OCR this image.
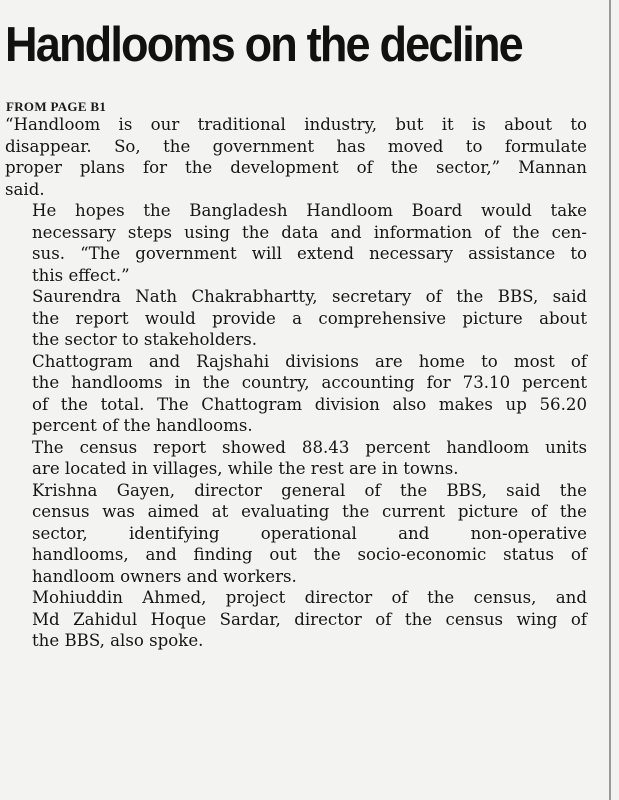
Handlooms on the decline
FROM PAGE B1

“Handloom is our traditional industry, but it is about to
disappear. So, the government has moved to formulate
proper plans for the development of the sector,” Mannan
said.

He hopes the Bangladesh Handloom Board would take
necessary steps using the data and information of the cen-
sus. “The government will extend necessary assistance to
this effect.”

Saurendra Nath Chakrabhartty, secretary of the BBS, said
the report would provide a comprehensive picture about
the sector to stakeholders.

Chattogram and Rajshahi divisions are home to most of
the handlooms in the country, accounting for 73.10 percent
of the total. The Chattogram division also makes up 56.20
percent of the handlooms.

The census report showed 88.43 percent handloom units
are located in villages, while the rest are in towns.

Krishna Gayen, director general of the BBS, said the
census was aimed at evaluating the current picture of the
sector, identifying operational and non-operative
handlooms, and finding out the socio-economic status of
handloom owners and workers.

Mohiuddin Ahmed, project director of the census, and
Md Zahidul Hoque Sardar, director of the census wing of
the BBS, also spoke.
